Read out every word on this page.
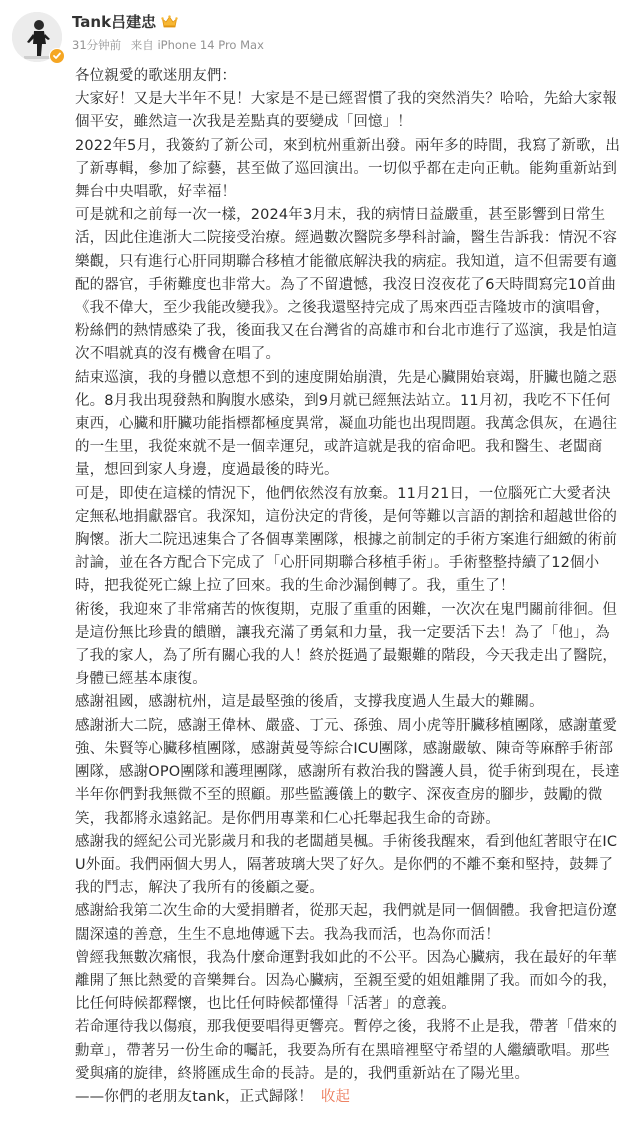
Tank吕建忠
31分钟前 来自 iPhone 14 Pro Max

各位親愛的歌迷朋友們：

大家好！又是大半年不見！大家是不是已經習慣了我的突然消失？哈哈，先給大家報個平安，雖然這一次我是差點真的要變成「回憶」！

2022年5月，我簽約了新公司，來到杭州重新出發。兩年多的時間，我寫了新歌，出了新專輯，參加了綜藝，甚至做了巡回演出。一切似乎都在走向正軌。能夠重新站到舞台中央唱歌，好幸福！

可是就和之前每一次一樣，2024年3月末，我的病情日益嚴重，甚至影響到日常生活，因此住進浙大二院接受治療。經過數次醫院多學科討論，醫生告訴我：情況不容樂觀，只有進行心肝同期聯合移植才能徹底解決我的病症。我知道，這不但需要有適配的器官，手術難度也非常大。為了不留遺憾，我沒日沒夜花了6天時間寫完10首曲《我不偉大，至少我能改變我》。之後我還堅持完成了馬來西亞吉隆坡市的演唱會，粉絲們的熱情感染了我，後面我又在台灣省的高雄市和台北市進行了巡演，我是怕這次不唱就真的沒有機會在唱了。

結束巡演，我的身體以意想不到的速度開始崩潰，先是心臟開始衰竭，肝臟也隨之惡化。8月我出現發熱和胸腹水感染，到9月就已經無法站立。11月初，我吃不下任何東西，心臟和肝臟功能指標都極度異常，凝血功能也出現問題。我萬念俱灰，在過往的一生里，我從來就不是一個幸運兒，或許這就是我的宿命吧。我和醫生、老闆商量，想回到家人身邊，度過最後的時光。

可是，即使在這樣的情況下，他們依然沒有放棄。11月21日，一位腦死亡大愛者決定無私地捐獻器官。我深知，這份決定的背後，是何等難以言語的割捨和超越世俗的胸懷。浙大二院迅速集合了各個專業團隊，根據之前制定的手術方案進行細緻的術前討論，並在各方配合下完成了「心肝同期聯合移植手術」。手術整整持續了12個小時，把我從死亡線上拉了回來。我的生命沙漏倒轉了。我，重生了！

術後，我迎來了非常痛苦的恢復期，克服了重重的困難，一次次在鬼門關前徘徊。但是這份無比珍貴的饋贈，讓我充滿了勇氣和力量，我一定要活下去！為了「他」，為了我的家人，為了所有關心我的人！終於挺過了最艱難的階段，今天我走出了醫院，身體已經基本康復。

感謝祖國，感謝杭州，這是最堅強的後盾，支撐我度過人生最大的難關。

感謝浙大二院，感謝王偉林、嚴盛、丁元、孫強、周小虎等肝臟移植團隊，感謝董愛強、朱賢等心臟移植團隊，感謝黃曼等綜合ICU團隊，感謝嚴敏、陳奇等麻醉手術部團隊，感謝OPO團隊和護理團隊，感謝所有救治我的醫護人員，從手術到現在，長達半年你們對我無微不至的照顧。那些監護儀上的數字、深夜查房的腳步，鼓勵的微笑，我都將永遠銘記。是你們用專業和仁心托舉起我生命的奇跡。

感謝我的經紀公司光影歲月和我的老闆趙昊楓。手術後我醒來，看到他紅著眼守在ICU外面。我們兩個大男人，隔著玻璃大哭了好久。是你們的不離不棄和堅持，鼓舞了我的鬥志，解決了我所有的後顧之憂。

感謝給我第二次生命的大愛捐贈者，從那天起，我們就是同一個個體。我會把這份遼闊深遠的善意，生生不息地傳遞下去。我為我而活，也為你而活！

曾經我無數次痛恨，我為什麼命運對我如此的不公平。因為心臟病，我在最好的年華離開了無比熱愛的音樂舞台。因為心臟病，至親至愛的姐姐離開了我。而如今的我，比任何時候都釋懷，也比任何時候都懂得「活著」的意義。

若命運待我以傷痕，那我便要唱得更響亮。暫停之後，我將不止是我，帶著「借來的勳章」，帶著另一份生命的囑託，我要為所有在黑暗裡堅守希望的人繼續歌唱。那些愛與痛的旋律，終將匯成生命的長詩。是的，我們重新站在了陽光里。

——你們的老朋友tank，正式歸隊！ 收起
